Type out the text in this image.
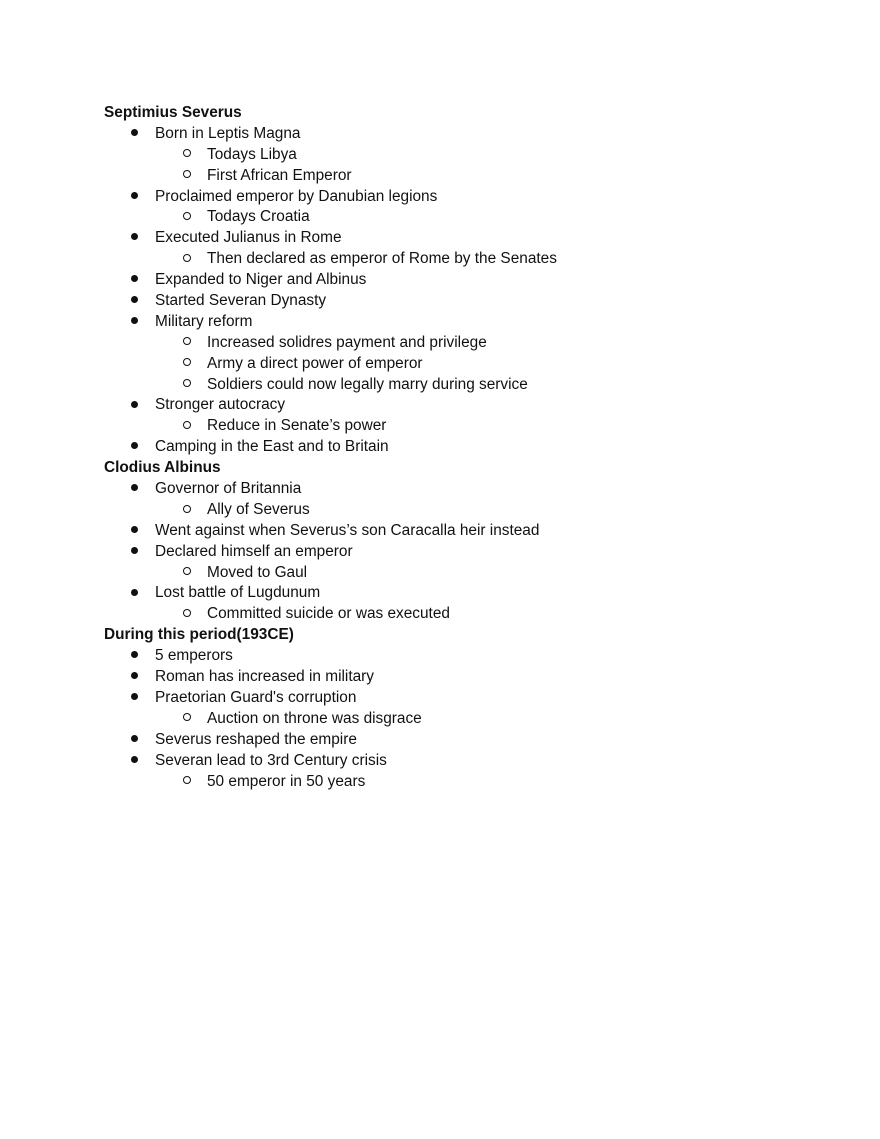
Septimius Severus
Born in Leptis Magna
Todays Libya
First African Emperor
Proclaimed emperor by Danubian legions
Todays Croatia
Executed Julianus in Rome
Then declared as emperor of Rome by the Senates
Expanded to Niger and Albinus
Started Severan Dynasty
Military reform
Increased solidres payment and privilege
Army a direct power of emperor
Soldiers could now legally marry during service
Stronger autocracy
Reduce in Senate’s power
Camping in the East and to Britain
Clodius Albinus
Governor of Britannia
Ally of Severus
Went against when Severus’s son Caracalla heir instead
Declared himself an emperor
Moved to Gaul
Lost battle of Lugdunum
Committed suicide or was executed
During this period(193CE)
5 emperors
Roman has increased in military
Praetorian Guard's corruption
Auction on throne was disgrace
Severus reshaped the empire
Severan lead to 3rd Century crisis
50 emperor in 50 years
